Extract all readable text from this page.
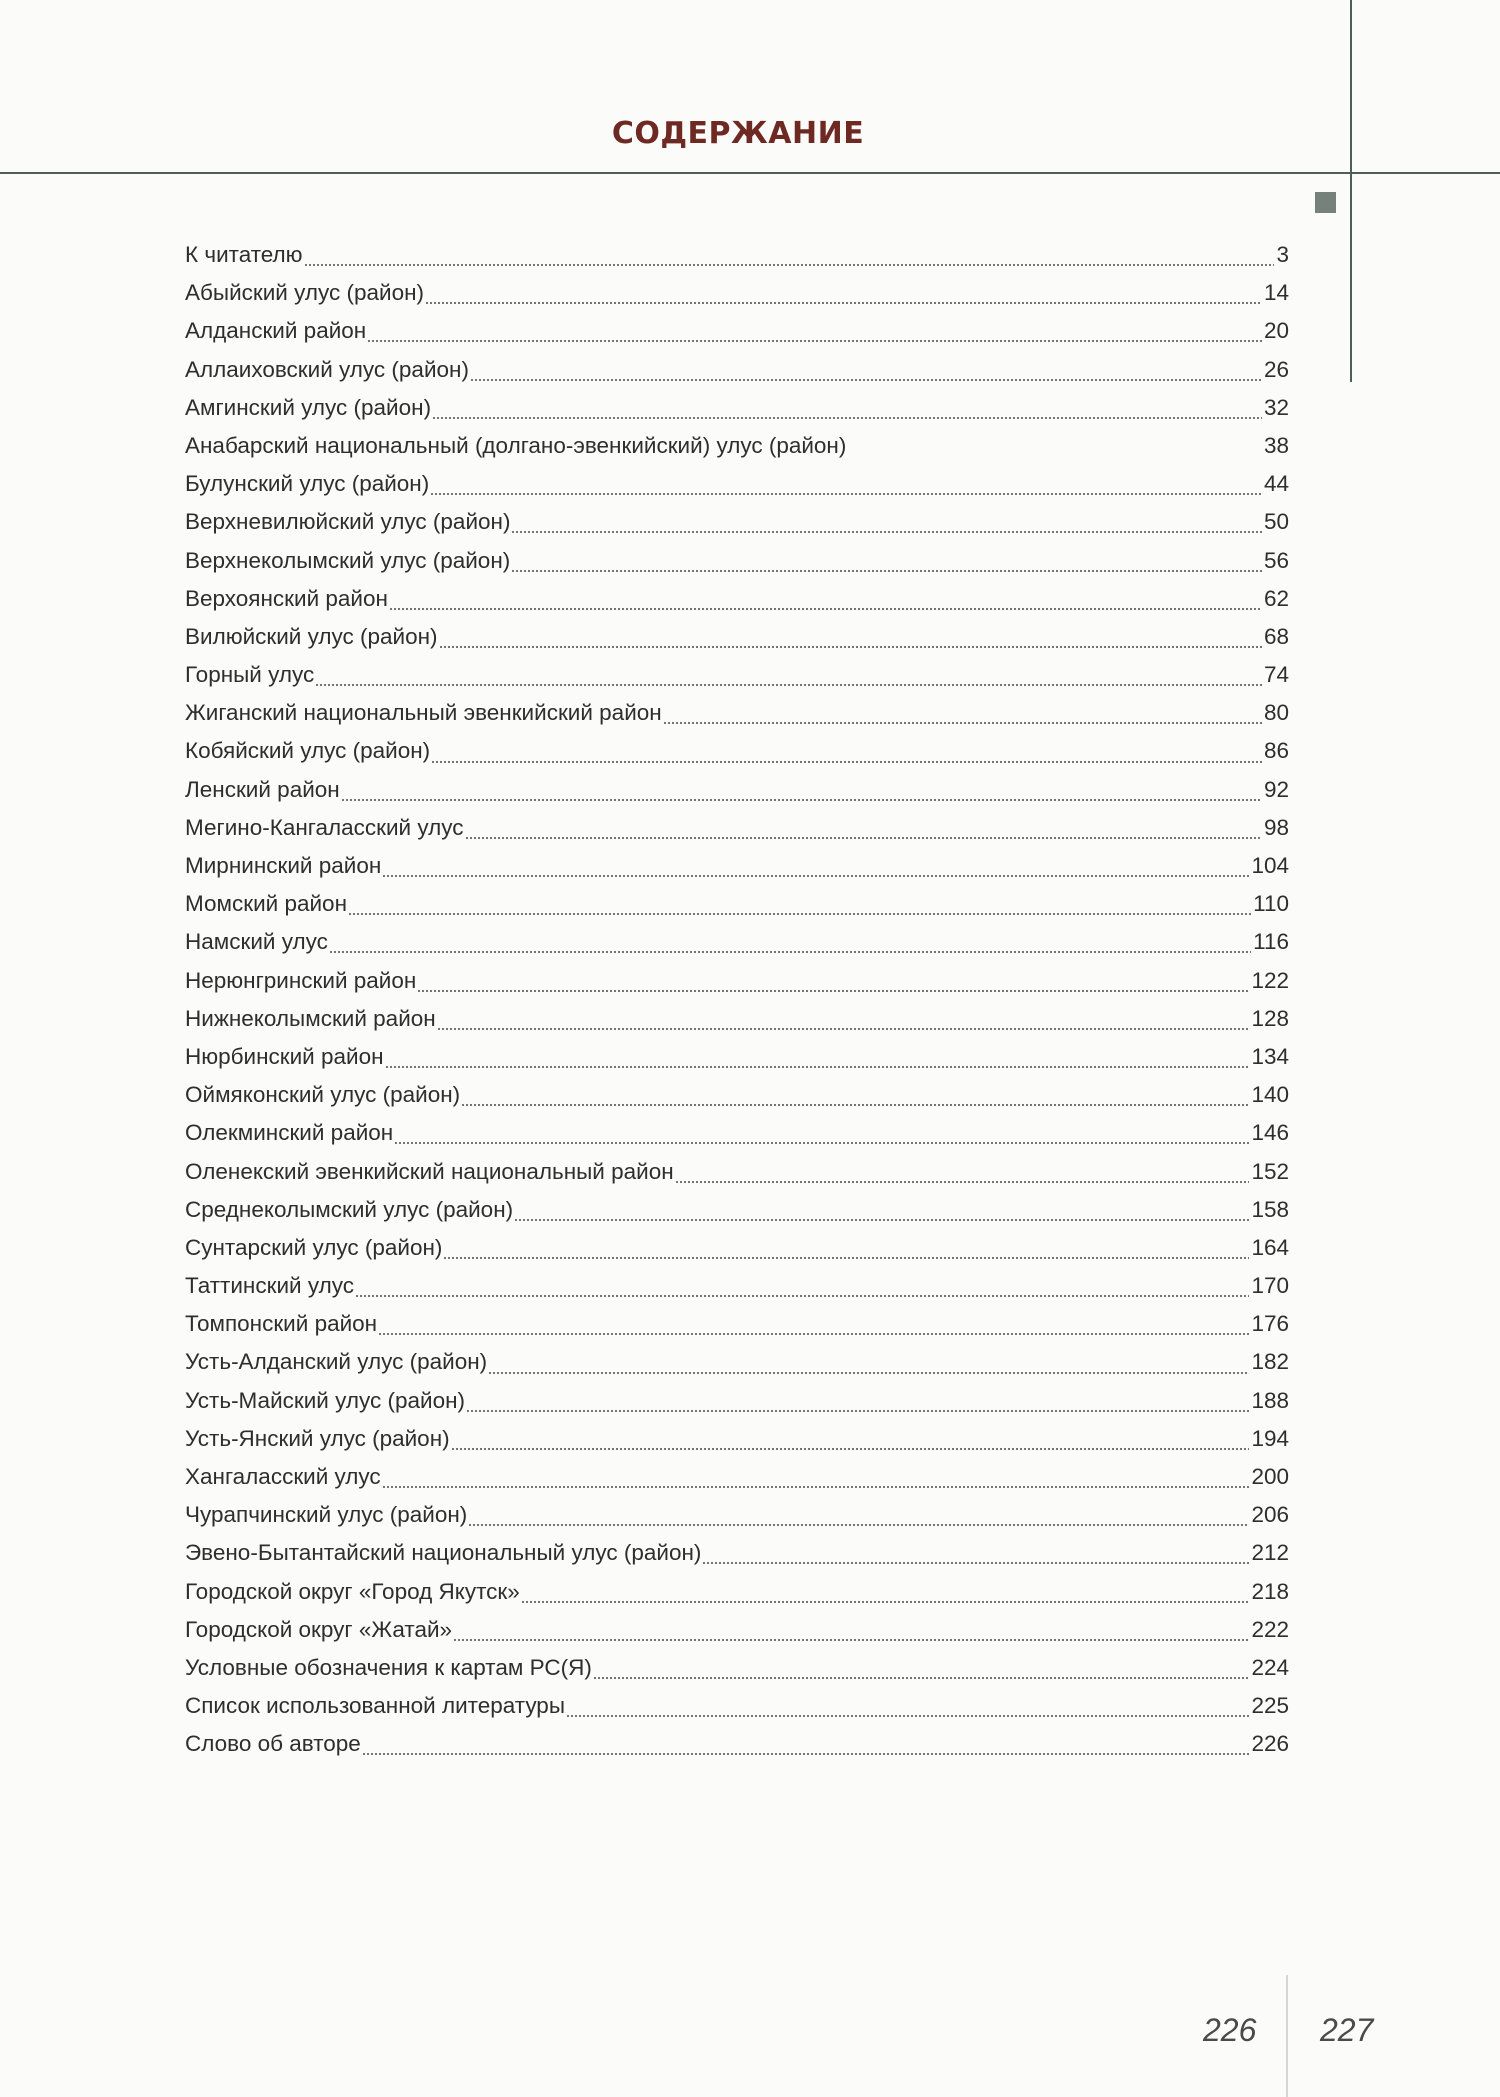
СОДЕРЖАНИЕ
К читателю	3
Абыйский улус (район)	14
Алданский район	20
Аллаиховский улус (район)	26
Амгинский улус (район)	32
Анабарский национальный (долгано-эвенкийский) улус (район)	38
Булунский улус (район)	44
Верхневилюйский улус (район)	50
Верхнеколымский улус (район)	56
Верхоянский район	62
Вилюйский улус (район)	68
Горный улус	74
Жиганский национальный эвенкийский район	80
Кобяйский улус (район)	86
Ленский район	92
Мегино-Кангаласский улус	98
Мирнинский район	104
Момский район	110
Намский улус	116
Нерюнгринский район	122
Нижнеколымский район	128
Нюрбинский район	134
Оймяконский улус (район)	140
Олекминский район	146
Оленекский эвенкийский национальный район	152
Среднеколымский улус (район)	158
Сунтарский улус (район)	164
Таттинский улус	170
Томпонский район	176
Усть-Алданский улус (район)	182
Усть-Майский улус (район)	188
Усть-Янский улус (район)	194
Хангаласский улус	200
Чурапчинский улус (район)	206
Эвено-Бытантайский национальный улус (район)	212
Городской округ «Город Якутск»	218
Городской округ «Жатай»	222
Условные обозначения к картам РС(Я)	224
Список использованной литературы	225
Слово об авторе	226
226 227
